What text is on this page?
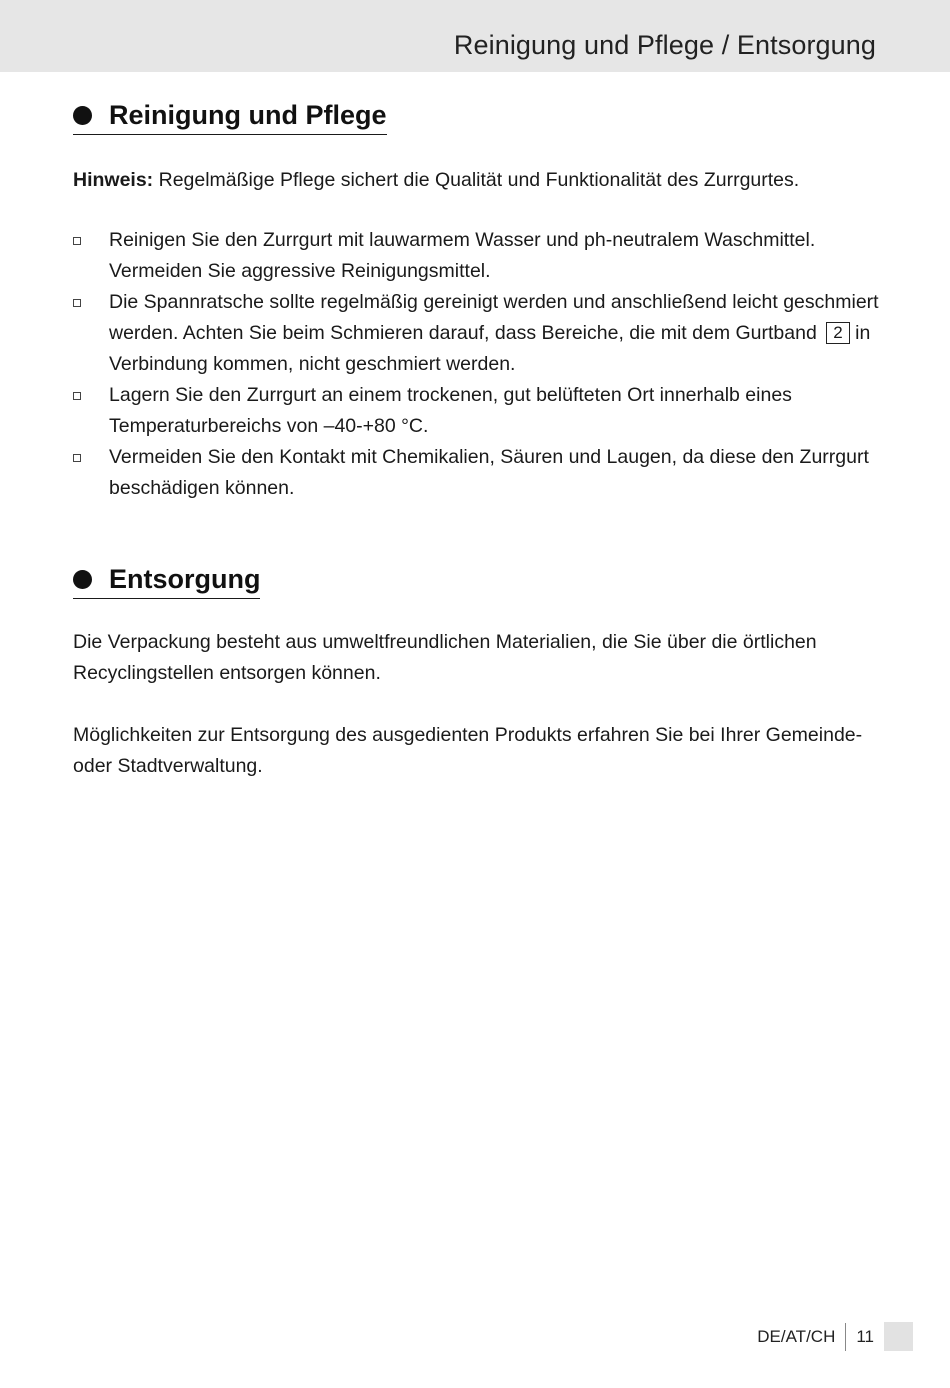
Reinigung und Pflege / Entsorgung
Reinigung und Pflege
Hinweis: Regelmäßige Pflege sichert die Qualität und Funktionalität des Zurrgurtes.
Reinigen Sie den Zurrgurt mit lauwarmem Wasser und ph-neutralem Waschmittel. Vermeiden Sie aggressive Reinigungsmittel.
Die Spannratsche sollte regelmäßig gereinigt werden und anschließend leicht geschmiert werden. Achten Sie beim Schmieren darauf, dass Bereiche, die mit dem Gurtband 2 in Verbindung kommen, nicht geschmiert werden.
Lagern Sie den Zurrgurt an einem trockenen, gut belüfteten Ort innerhalb eines Temperaturbereichs von –40-+80 °C.
Vermeiden Sie den Kontakt mit Chemikalien, Säuren und Laugen, da diese den Zurrgurt beschädigen können.
Entsorgung

Die Verpackung besteht aus umweltfreundlichen Materialien, die Sie über die örtlichen Recyclingstellen entsorgen können.

Möglichkeiten zur Entsorgung des ausgedienten Produkts erfahren Sie bei Ihrer Gemeinde- oder Stadtverwaltung.

DE/AT/CH 11
